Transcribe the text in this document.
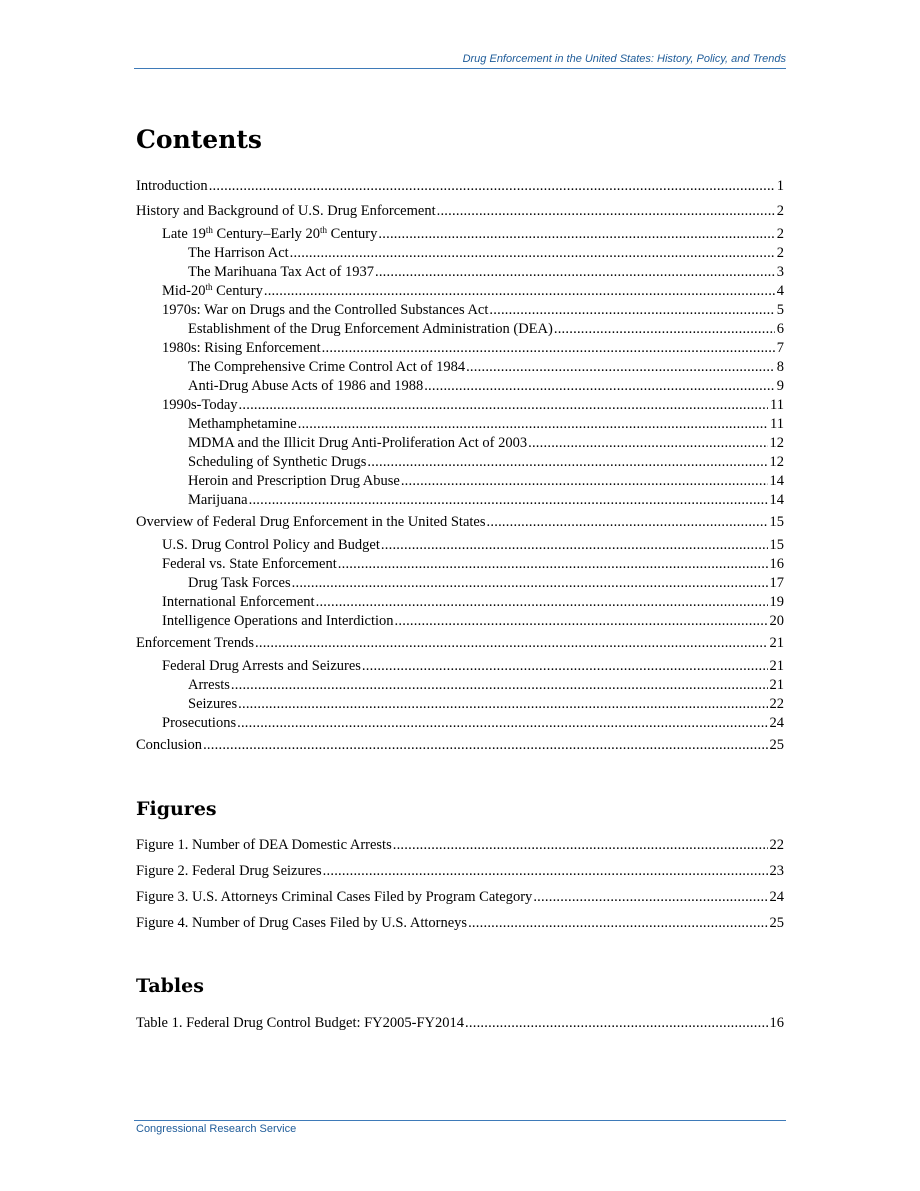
Drug Enforcement in the United States: History, Policy, and Trends
Contents
Introduction . . .	1
History and Background of U.S. Drug Enforcement . . .	2
Late 19th Century–Early 20th Century . . .	2
The Harrison Act . . .	2
The Marihuana Tax Act of 1937 . . .	3
Mid-20th Century . . .	4
1970s: War on Drugs and the Controlled Substances Act . . .	5
Establishment of the Drug Enforcement Administration (DEA) . . .	6
1980s: Rising Enforcement . . .	7
The Comprehensive Crime Control Act of 1984 . . .	8
Anti-Drug Abuse Acts of 1986 and 1988 . . .	9
1990s-Today . . .	11
Methamphetamine . . .	11
MDMA and the Illicit Drug Anti-Proliferation Act of 2003 . . .	12
Scheduling of Synthetic Drugs . . .	12
Heroin and Prescription Drug Abuse . . .	14
Marijuana . . .	14
Overview of Federal Drug Enforcement in the United States . . .	15
U.S. Drug Control Policy and Budget . . .	15
Federal vs. State Enforcement . . .	16
Drug Task Forces . . .	17
International Enforcement . . .	19
Intelligence Operations and Interdiction . . .	20
Enforcement Trends . . .	21
Federal Drug Arrests and Seizures . . .	21
Arrests . . .	21
Seizures . . .	22
Prosecutions . . .	24
Conclusion . . .	25
Figures
Figure 1. Number of DEA Domestic Arrests . . .	22
Figure 2. Federal Drug Seizures . . .	23
Figure 3. U.S. Attorneys Criminal Cases Filed by Program Category . . .	24
Figure 4. Number of Drug Cases Filed by U.S. Attorneys . . .	25
Tables
Table 1. Federal Drug Control Budget: FY2005-FY2014 . . .	16
Congressional Research Service
